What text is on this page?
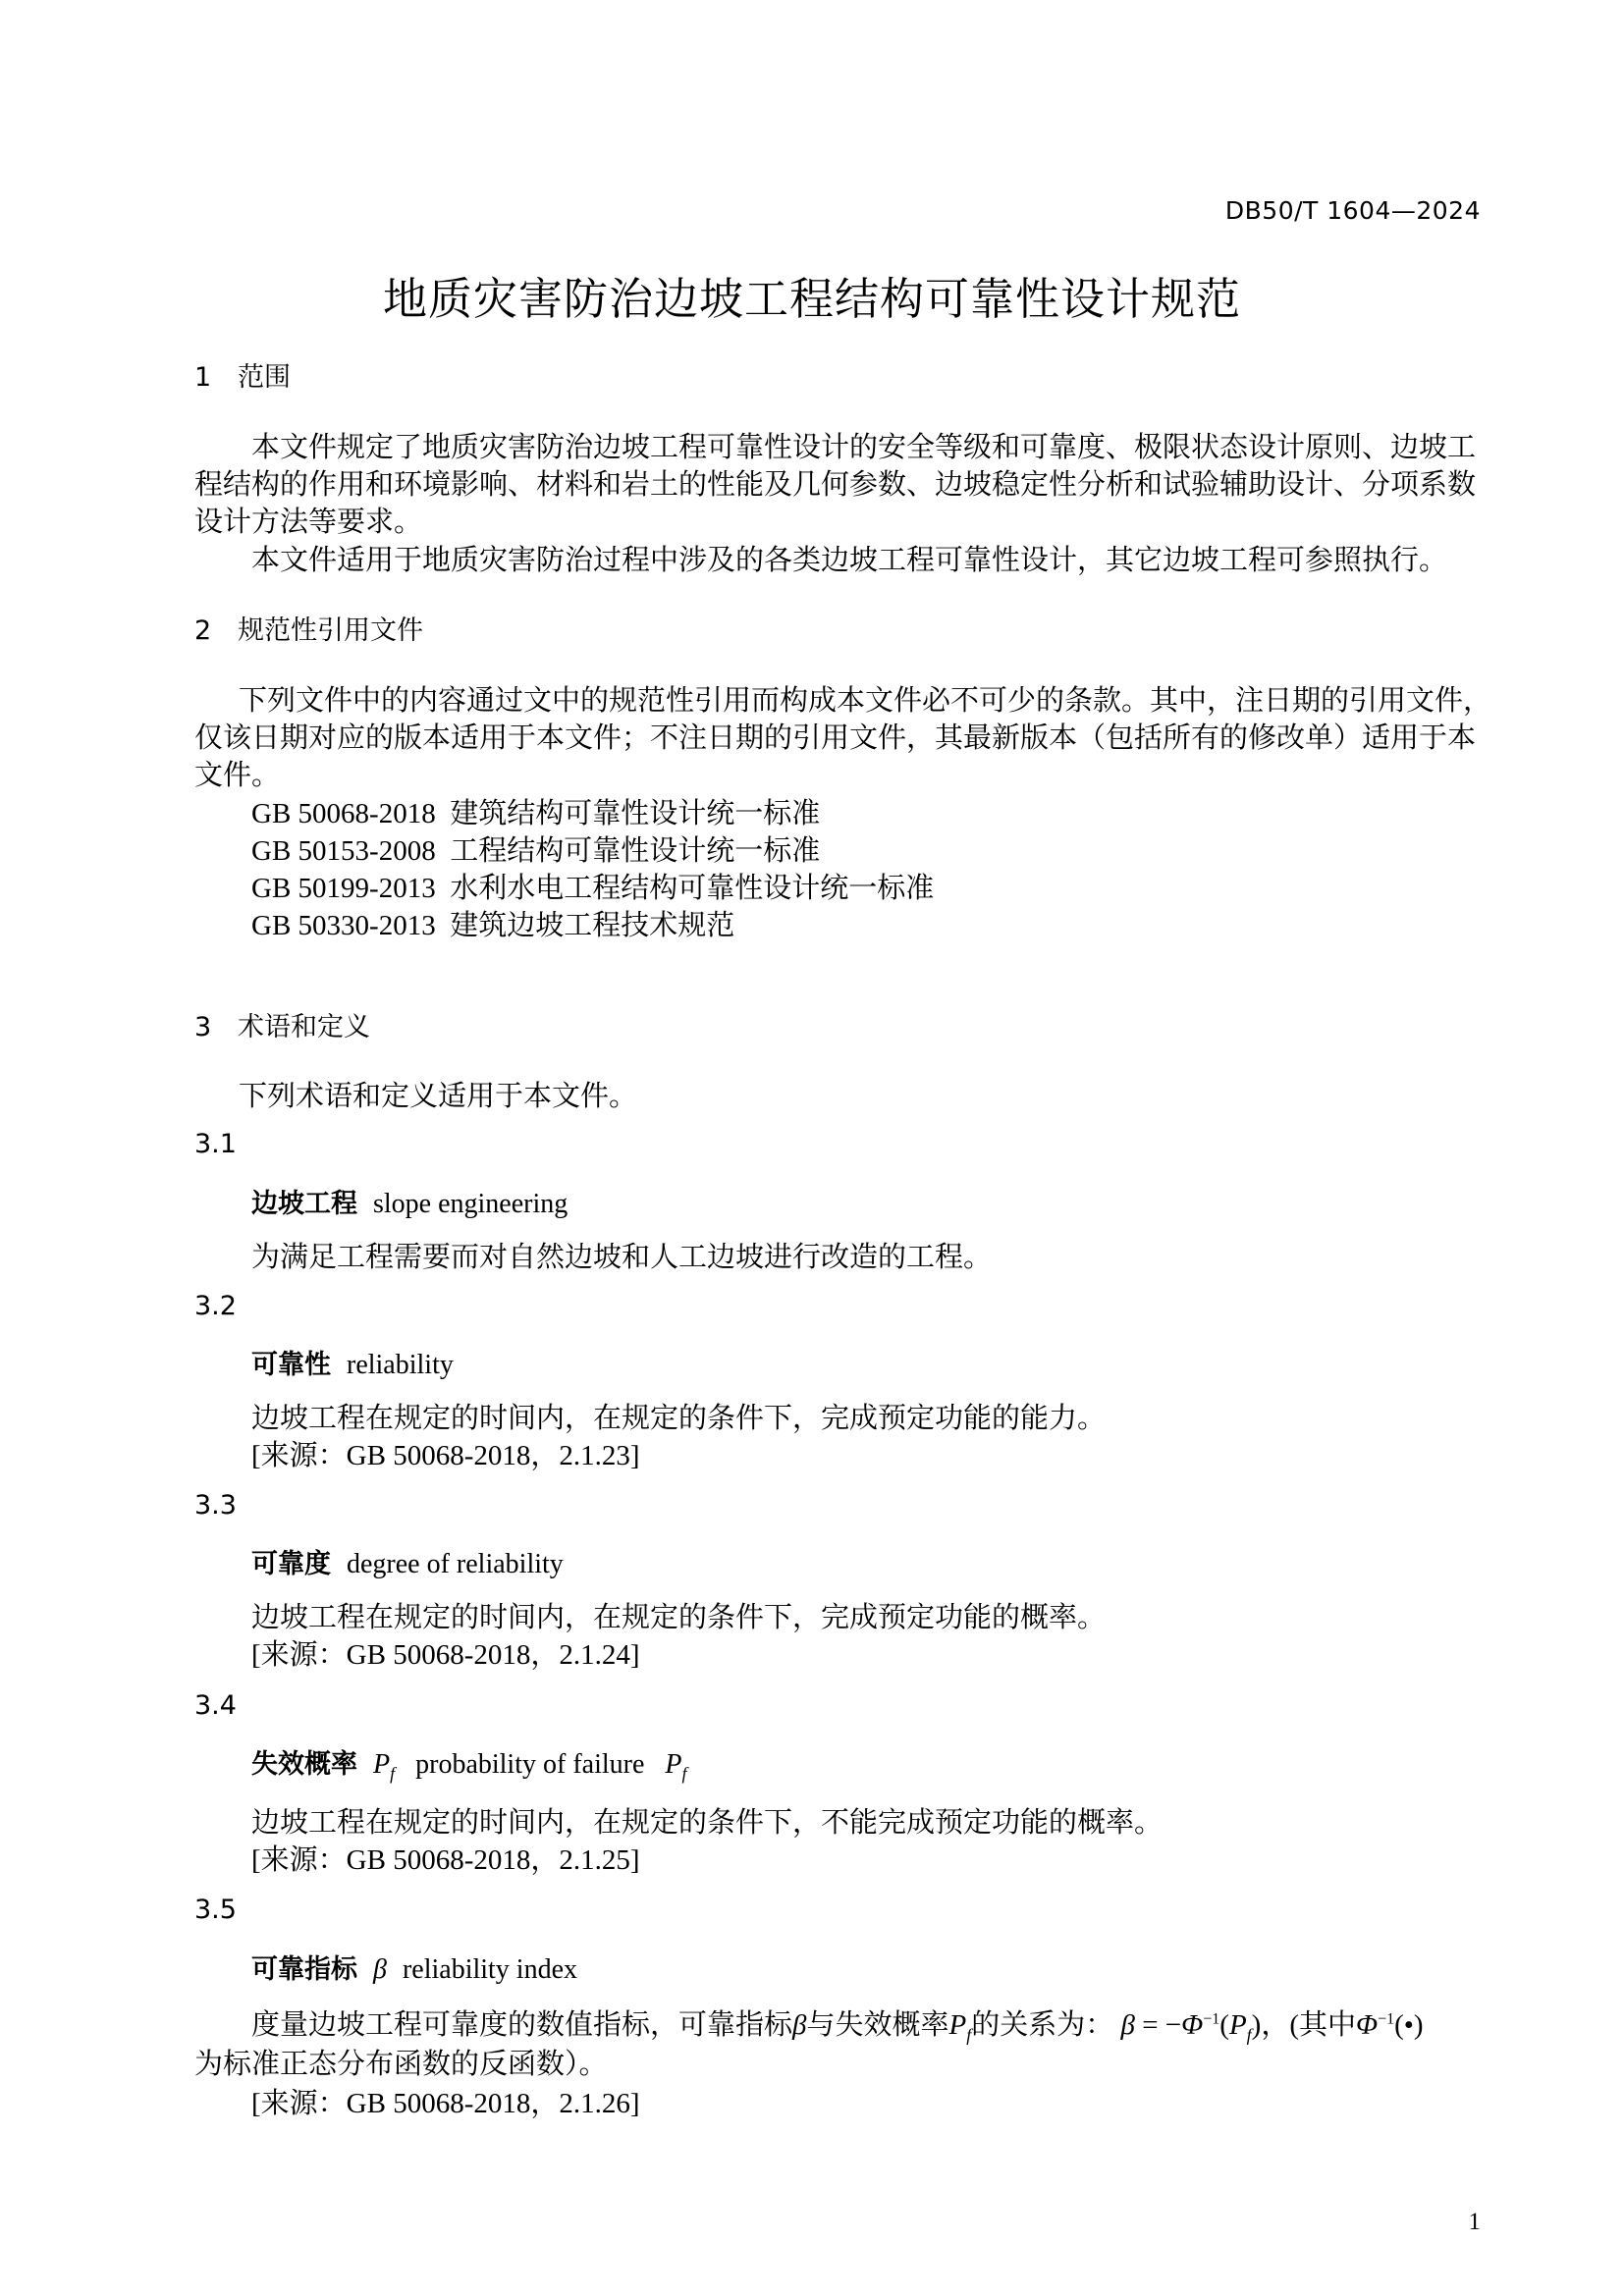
DB50/T 1604—2024
地质灾害防治边坡工程结构可靠性设计规范
1 范围
本文件规定了地质灾害防治边坡工程可靠性设计的安全等级和可靠度、极限状态设计原则、边坡工
程结构的作用和环境影响、材料和岩土的性能及几何参数、边坡稳定性分析和试验辅助设计、分项系数
设计方法等要求。
本文件适用于地质灾害防治过程中涉及的各类边坡工程可靠性设计，其它边坡工程可参照执行。
2 规范性引用文件
下列文件中的内容通过文中的规范性引用而构成本文件必不可少的条款。其中，注日期的引用文件，
仅该日期对应的版本适用于本文件；不注日期的引用文件，其最新版本（包括所有的修改单）适用于本
文件。
GB 50068-2018 建筑结构可靠性设计统一标准
GB 50153-2008 工程结构可靠性设计统一标准
GB 50199-2013 水利水电工程结构可靠性设计统一标准
GB 50330-2013 建筑边坡工程技术规范
3 术语和定义
下列术语和定义适用于本文件。
3.1
边坡工程 slope engineering
为满足工程需要而对自然边坡和人工边坡进行改造的工程。
3.2
可靠性 reliability
边坡工程在规定的时间内，在规定的条件下，完成预定功能的能力。
[来源：GB 50068-2018，2.1.23]
3.3
可靠度 degree of reliability
边坡工程在规定的时间内，在规定的条件下，完成预定功能的概率。
[来源：GB 50068-2018，2.1.24]
3.4
失效概率 $P_f$ probability of failure $P_f$
边坡工程在规定的时间内，在规定的条件下，不能完成预定功能的概率。
[来源：GB 50068-2018，2.1.25]
3.5
可靠指标 β reliability index
度量边坡工程可靠度的数值指标，可靠指标β与失效概率$P_f$的关系为： $\beta = -\Phi^{-1}(P_f)$，(其中$\Phi^{-1}(•)$
为标准正态分布函数的反函数）。
[来源：GB 50068-2018，2.1.26]
1
